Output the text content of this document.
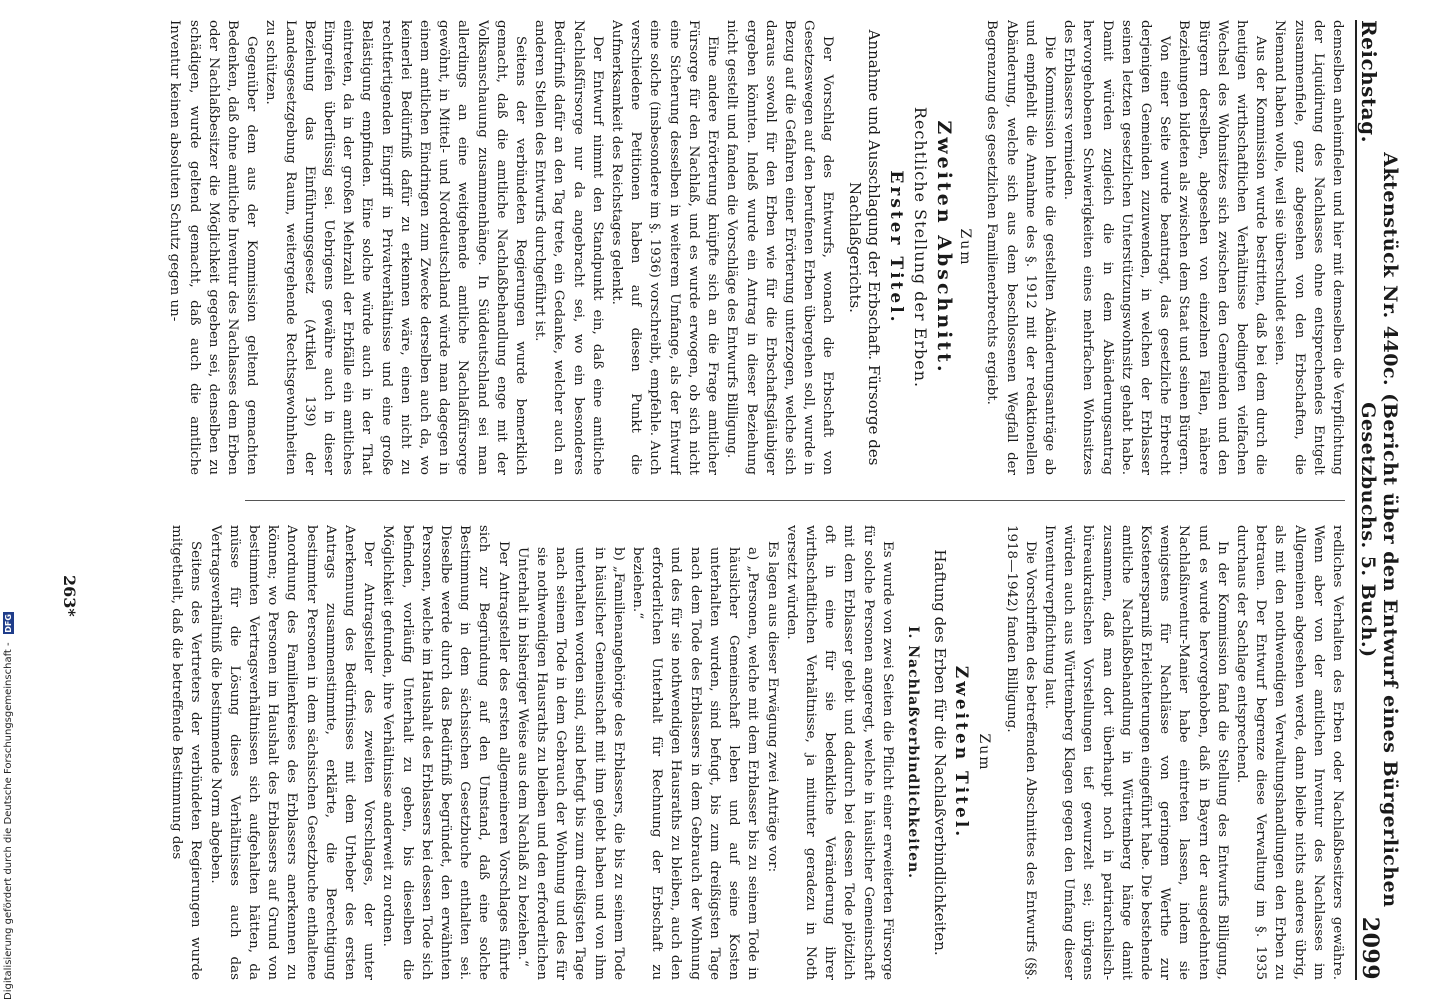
Reichstag.
Aktenstück Nr. 440c. (Bericht über den Entwurf eines Bürgerlichen Gesetzbuchs. 5. Buch.)
2099

demselben anheimfielen und hier mit demselben die Verpflichtung der Liquidirung des Nachlasses ohne entsprechendes Entgelt zusammenfiele, ganz abgesehen von den Erbschaften, die Niemand haben wolle, weil sie überschuldet seien.

Aus der Kommission wurde bestritten, daß bei dem durch die heutigen wirthschaftlichen Verhältnisse bedingten vielfachen Wechsel des Wohnsitzes sich zwischen den Gemeinden und den Bürgern derselben, abgesehen von einzelnen Fällen, nähere Beziehungen bildeten als zwischen dem Staat und seinen Bürgern.

Von einer Seite wurde beantragt, das gesetzliche Erbrecht derjenigen Gemeinden zuzuwenden, in welchen der Erblasser seinen letzten gesetzlichen Unterstützungswohnsitz gehabt habe. Damit würden zugleich die in dem Abänderungsantrag hervorgehobenen Schwierigkeiten eines mehrfachen Wohnsitzes des Erblassers vermieden.

Die Kommission lehnte die gestellten Abänderungsanträge ab und empfiehlt die Annahme des §. 1912 mit der redaktionellen Abänderung, welche sich aus dem beschlossenen Wegfall der Begrenzung des gesetzlichen Familienerbrechts ergiebt.

Zum
Zweiten Abschnitt.
Rechtliche Stellung der Erben.
Erster Titel.
Annahme und Ausschlagung der Erbschaft. Fürsorge des Nachlaßgerichts.

Der Vorschlag des Entwurfs, wonach die Erbschaft von Gesetzeswegen auf den berufenen Erben übergehen soll, wurde in Bezug auf die Gefahren einer Erörterung unterzogen, welche sich daraus sowohl für den Erben wie für die Erbschaftsgläubiger ergeben könnten. Indeß wurde ein Antrag in dieser Beziehung nicht gestellt und fanden die Vorschläge des Entwurfs Billigung.

Eine andere Erörterung knüpfte sich an die Frage amtlicher Fürsorge für den Nachlaß, und es wurde erwogen, ob sich nicht eine Sicherung desselben in weiterem Umfange, als der Entwurf eine solche (insbesondere im §. 1936) vorschreibt, empfehle. Auch verschiedene Petitionen haben auf diesen Punkt die Aufmerksamkeit des Reichstages gelenkt.

Der Entwurf nimmt den Standpunkt ein, daß eine amtliche Nachlaßfürsorge nur da angebracht sei, wo ein besonderes Bedürfniß dafür an den Tag trete, ein Gedanke, welcher auch an anderen Stellen des Entwurfs durchgeführt ist.

Seitens der verbündeten Regierungen wurde bemerklich gemacht, daß die amtliche Nachlaßbehandlung enge mit der Volksanschauung zusammenhänge. In Süddeutschland sei man allerdings an eine weitgehende amtliche Nachlaßfürsorge gewöhnt, in Mittel- und Norddeutschland würde man dagegen in einem amtlichen Eindringen zum Zwecke derselben auch da, wo keinerlei Bedürfniß dafür zu erkennen wäre, einen nicht zu rechtfertigenden Eingriff in Privatverhältnisse und eine große Belästigung empfinden. Eine solche würde auch in der That eintreten, da in der großen Mehrzahl der Erbfälle ein amtliches Eingreifen überflüssig sei. Uebrigens gewähre auch in dieser Beziehung das Einführungsgesetz (Artikel 139) der Landesgesetzgebung Raum, weitergehende Rechtsgewohnheiten zu schützen.

Gegenüber dem aus der Kommission geltend gemachten Bedenken, daß ohne amtliche Inventur des Nachlasses dem Erben oder Nachlaßbesitzer die Möglichkeit gegeben sei, denselben zu schädigen, wurde geltend gemacht, daß auch die amtliche Inventur keinen absoluten Schutz gegen un-

redliches Verhalten des Erben oder Nachlaßbesitzers gewähre. Wenn aber von der amtlichen Inventur des Nachlasses im Allgemeinen abgesehen werde, dann bleibe nichts anderes übrig, als mit den nothwendigen Verwaltungshandlungen den Erben zu betrauen. Der Entwurf begrenze diese Verwaltung im §. 1935 durchaus der Sachlage entsprechend.

In der Kommission fand die Stellung des Entwurfs Billigung, und es wurde hervorgehoben, daß in Bayern der ausgedehnten Nachlaßinventur-Manier habe eintreten lassen, indem sie wenigstens für Nachlässe von geringem Werthe zur Kostenersparniß Erleichterungen eingeführt habe. Die bestehende amtliche Nachlaßbehandlung in Württemberg hänge damit zusammen, daß man dort überhaupt noch in patriarchalisch-büreaukratischen Vorstellungen tief gewurzelt sei; übrigens würden auch aus Württemberg Klagen gegen den Umfang dieser Inventurverpflichtung laut.

Die Vorschriften des betreffenden Abschnittes des Entwurfs (§§. 1918—1942) fanden Billigung.

Zum
Zweiten Titel.
Haftung des Erben für die Nachlaßverbindlichkeiten.
I. Nachlaßverbindlichkeiten.

Es wurde von zwei Seiten die Pflicht einer erweiterten Fürsorge für solche Personen angeregt, welche in häuslicher Gemeinschaft mit dem Erblasser gelebt und dadurch bei dessen Tode plötzlich oft in eine für sie bedenkliche Veränderung ihrer wirthschaftlichen Verhältnisse, ja mitunter geradezu in Noth versetzt würden.

Es lagen aus dieser Erwägung zwei Anträge vor:

a) „Personen, welche mit dem Erblasser bis zu seinem Tode in häuslicher Gemeinschaft leben und auf seine Kosten unterhalten wurden, sind befugt, bis zum dreißigsten Tage nach dem Tode des Erblassers in dem Gebrauch der Wohnung und des für sie nothwendigen Hausraths zu bleiben, auch den erforderlichen Unterhalt für Rechnung der Erbschaft zu beziehen.“

b) „Familienangehörige des Erblassers, die bis zu seinem Tode in häuslicher Gemeinschaft mit ihm gelebt haben und von ihm unterhalten worden sind, sind befugt bis zum dreißigsten Tage nach seinem Tode in dem Gebrauch der Wohnung und des für sie nothwendigen Hausraths zu bleiben und den erforderlichen Unterhalt in bisheriger Weise aus dem Nachlaß zu beziehen.“

Der Antragsteller des ersten allgemeineren Vorschlages führte sich zur Begründung auf den Umstand, daß eine solche Bestimmung in dem sächsischen Gesetzbuche enthalten sei. Dieselbe werde durch das Bedürfniß begründet, den erwähnten Personen, welche im Haushalt des Erblassers bei dessen Tode sich befinden, vorläufig Unterhalt zu geben, bis dieselben die Möglichkeit gefunden, ihre Verhältnisse anderweit zu ordnen.

Der Antragsteller des zweiten Vorschlages, der unter Anerkennung des Bedürfnisses mit dem Urheber des ersten Antrags zusammenstimmte, erklärte, die Berechtigung bestimmter Personen in dem sächsischen Gesetzbuche enthaltene Anordnung des Familienkreises des Erblassers anerkennen zu können; wo Personen im Haushalt des Erblassers auf Grund von bestimmten Vertragsverhältnissen sich aufgehalten hätten, da müsse für die Lösung dieses Verhältnisses auch das Vertragsverhältniß die bestimmende Norm abgeben.

Seitens des Vertreters der verbündeten Regierungen wurde mitgetheilt, daß die betreffende Bestimmung des

263*
Digitalisierung gefördert durch die Deutsche Forschungsgemeinschaft -
DFG
